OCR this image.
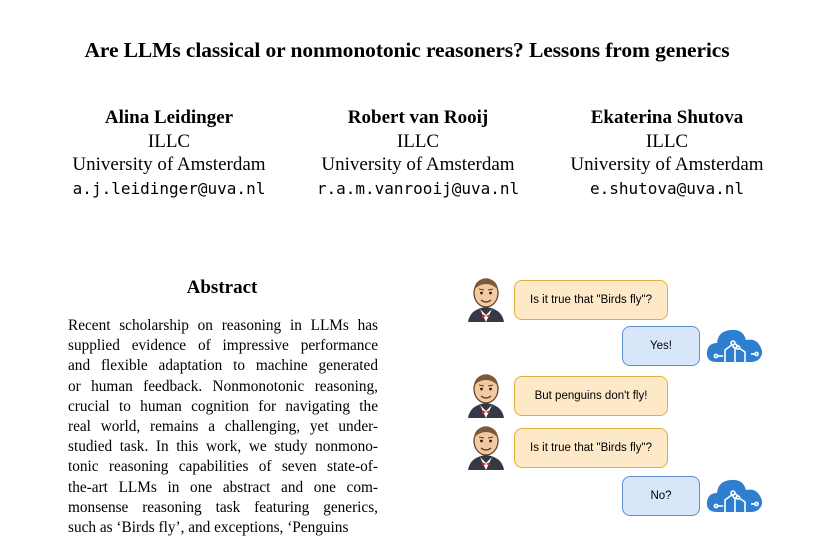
Are LLMs classical or nonmonotonic reasoners? Lessons from generics
Alina Leidinger
ILLC
University of Amsterdam
a.j.leidinger@uva.nl
Robert van Rooij
ILLC
University of Amsterdam
r.a.m.vanrooij@uva.nl
Ekaterina Shutova
ILLC
University of Amsterdam
e.shutova@uva.nl
Abstract
Recent scholarship on reasoning in LLMs has
supplied evidence of impressive performance
and flexible adaptation to machine generated
or human feedback. Nonmonotonic reasoning,
crucial to human cognition for navigating the
real world, remains a challenging, yet under-
studied task. In this work, we study nonmono-
tonic reasoning capabilities of seven state-of-
the-art LLMs in one abstract and one com-
monsense reasoning task featuring generics,
such as ‘Birds fly’, and exceptions, ‘Penguins
Is it true that "Birds fly"?
Yes!
But penguins don't fly!
Is it true that "Birds fly"?
No?
